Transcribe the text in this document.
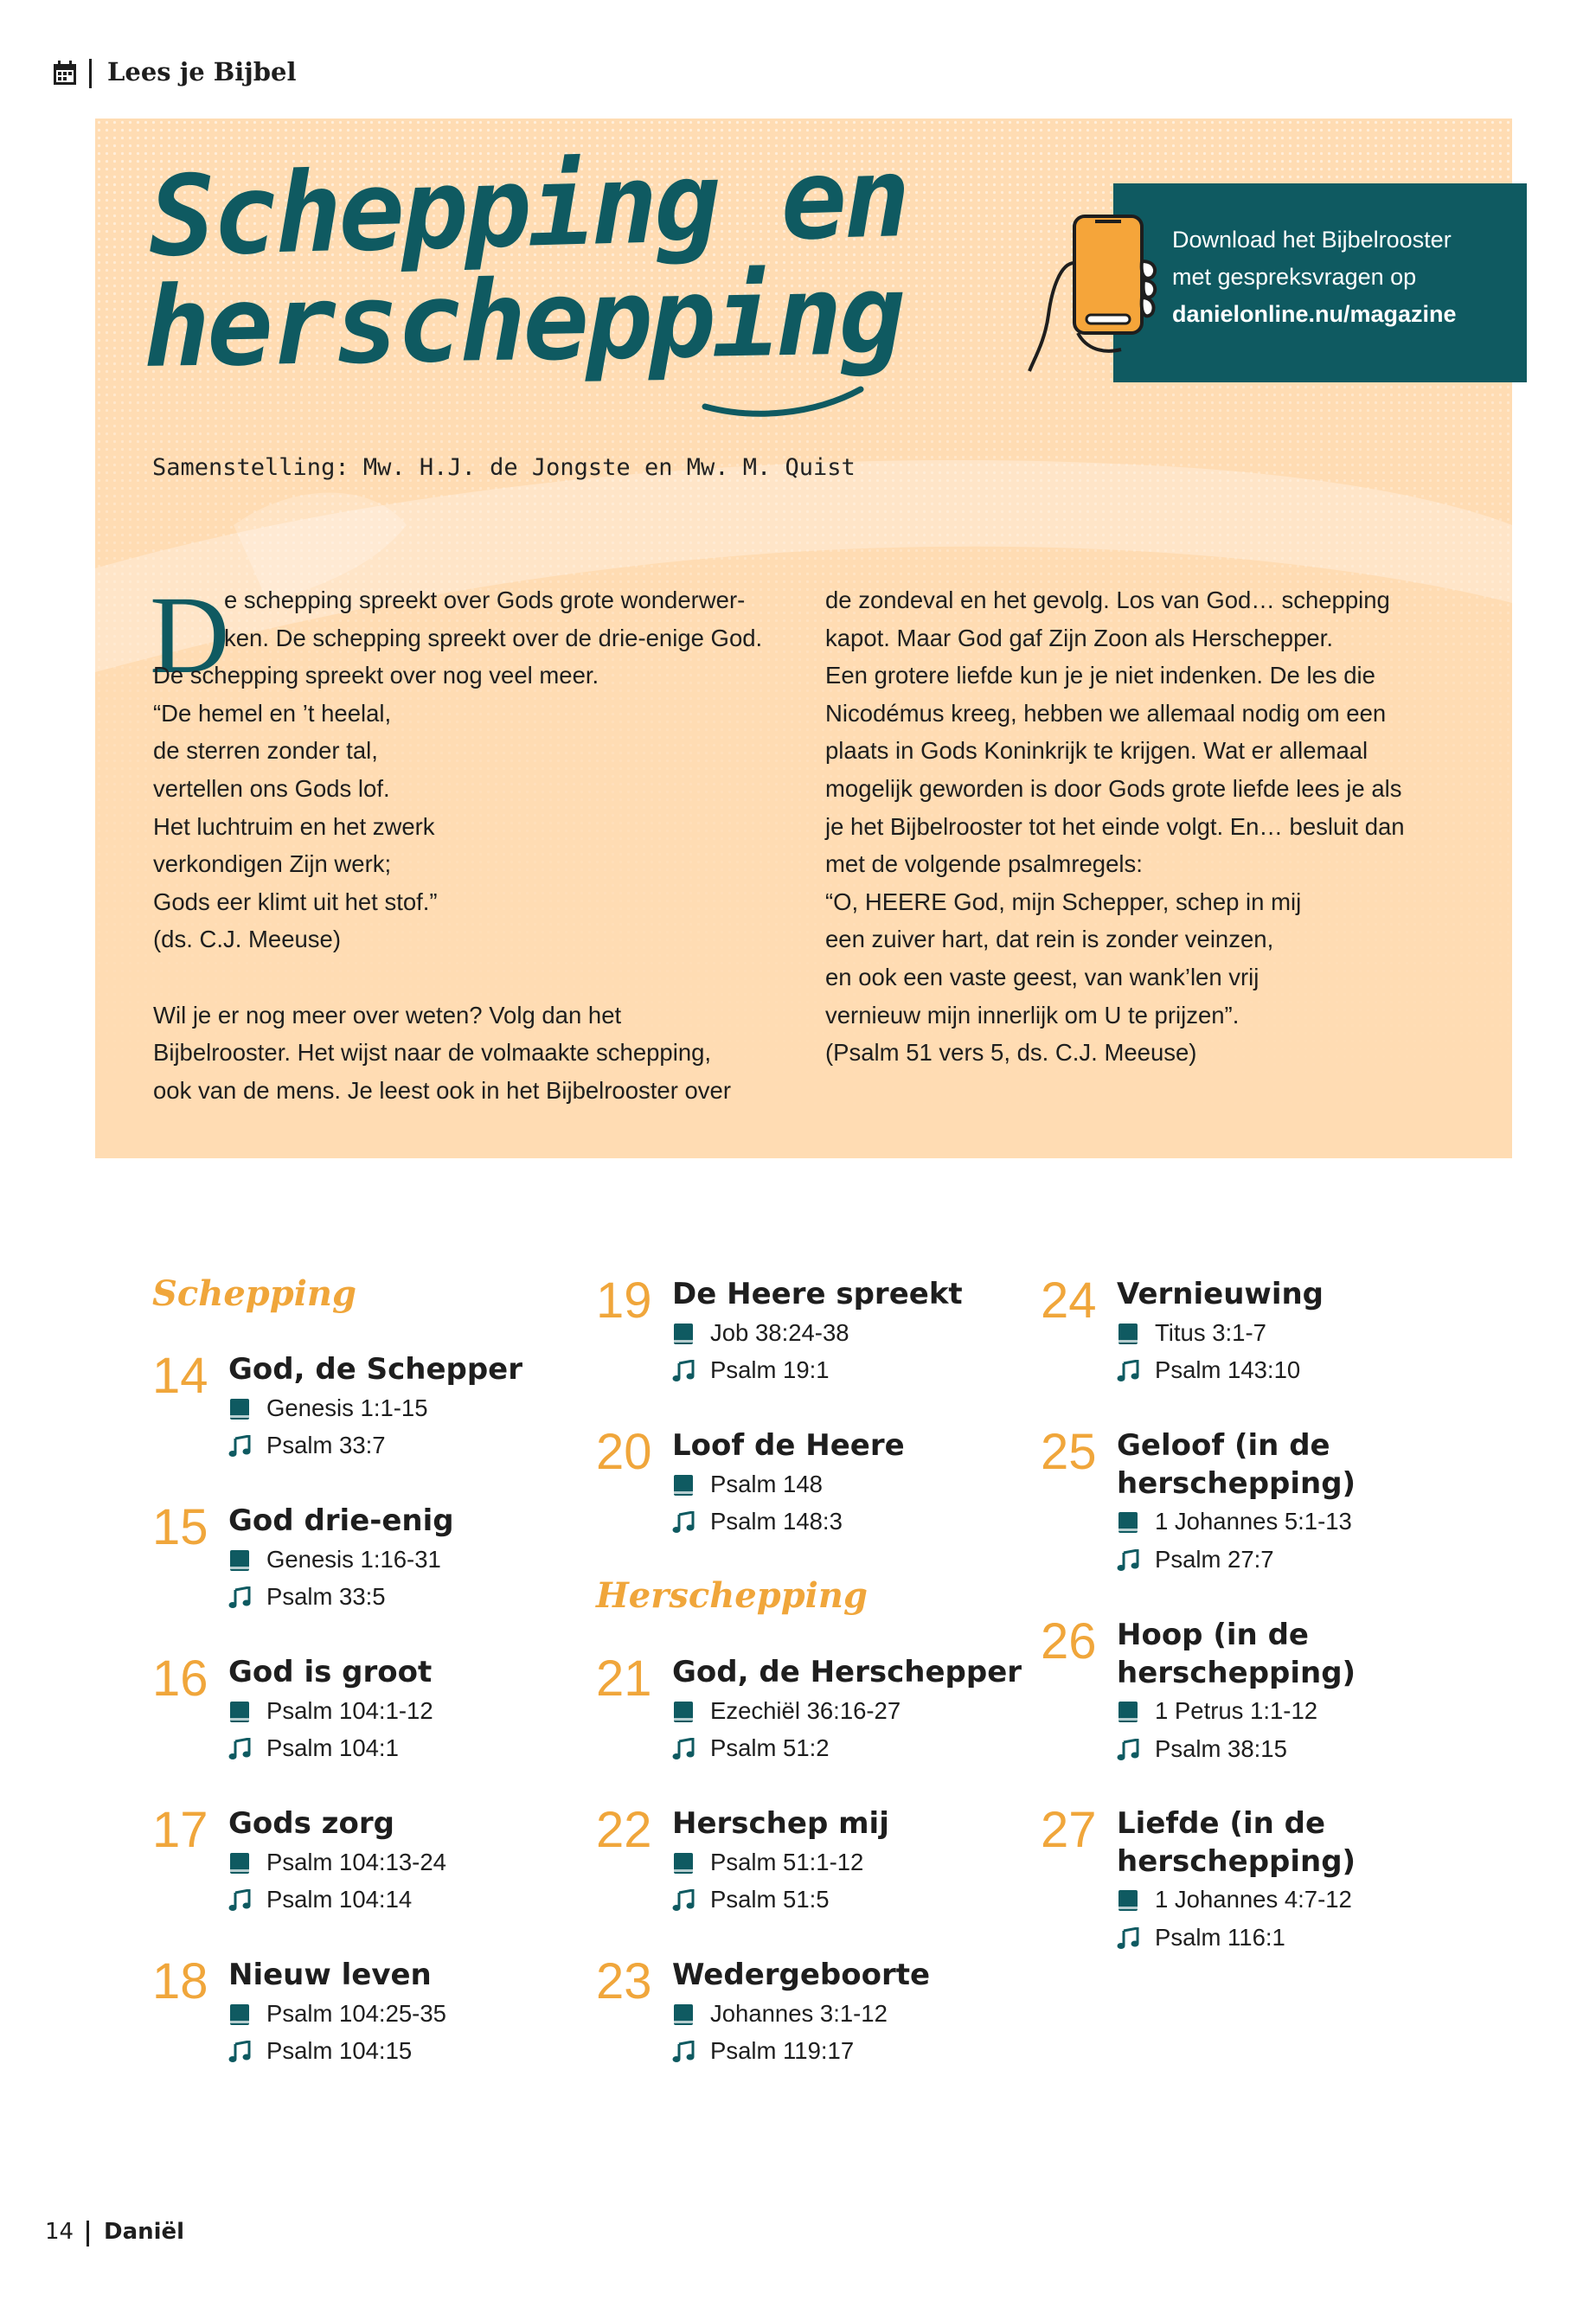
Lees je Bijbel
Schepping en
herschepping
Samenstelling: Mw. H.J. de Jongste en Mw. M. Quist
Download het Bijbelrooster
met gespreksvragen op
danielonline.nu/magazine
D
e schepping spreekt over Gods grote wonderwer-
ken. De schepping spreekt over de drie-enige God.
De schepping spreekt over nog veel meer.
“De hemel en ’t heelal,
de sterren zonder tal,
vertellen ons Gods lof.
Het luchtruim en het zwerk
verkondigen Zijn werk;
Gods eer klimt uit het stof.”
(ds. C.J. Meeuse)
Wil je er nog meer over weten? Volg dan het
Bijbelrooster. Het wijst naar de volmaakte schepping,
ook van de mens. Je leest ook in het Bijbelrooster over
de zondeval en het gevolg. Los van God… schepping
kapot. Maar God gaf Zijn Zoon als Herschepper.
Een grotere liefde kun je je niet indenken. De les die
Nicodémus kreeg, hebben we allemaal nodig om een
plaats in Gods Koninkrijk te krijgen. Wat er allemaal
mogelijk geworden is door Gods grote liefde lees je als
je het Bijbelrooster tot het einde volgt. En… besluit dan
met de volgende psalmregels:
“O, HEERE God, mijn Schepper, schep in mij
een zuiver hart, dat rein is zonder veinzen,
en ook een vaste geest, van wank’len vrij
vernieuw mijn innerlijk om U te prijzen”.
(Psalm 51 vers 5, ds. C.J. Meeuse)
Schepping
Herschepping
14 God, de Schepper
Genesis 1:1-15
Psalm 33:7
15 God drie-enig
Genesis 1:16-31
Psalm 33:5
16 God is groot
Psalm 104:1-12
Psalm 104:1
17 Gods zorg
Psalm 104:13-24
Psalm 104:14
18 Nieuw leven
Psalm 104:25-35
Psalm 104:15
19 De Heere spreekt
Job 38:24-38
Psalm 19:1
20 Loof de Heere
Psalm 148
Psalm 148:3
21 God, de Herschepper
Ezechiël 36:16-27
Psalm 51:2
22 Herschep mij
Psalm 51:1-12
Psalm 51:5
23 Wedergeboorte
Johannes 3:1-12
Psalm 119:17
24 Vernieuwing
Titus 3:1-7
Psalm 143:10
25 Geloof (in de
herschepping)
1 Johannes 5:1-13
Psalm 27:7
26 Hoop (in de
herschepping)
1 Petrus 1:1-12
Psalm 38:15
27 Liefde (in de
herschepping)
1 Johannes 4:7-12
Psalm 116:1
14 Daniël
